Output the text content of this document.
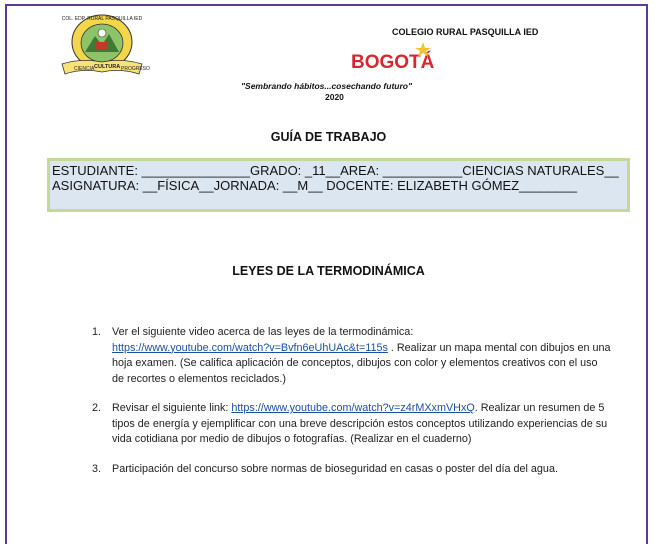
COL. EDP. RURAL PASQUILLA IED
CIENCIA CULTURA PROGRESO
COLEGIO RURAL PASQUILLA IED
BOGOTÁ
"Sembrando hábitos...cosechando futuro"
2020
GUÍA DE TRABAJO
ESTUDIANTE: _______________GRADO: _11__AREA: ___________CIENCIAS NATURALES__
ASIGNATURA: __FÍSICA__JORNADA: __M__ DOCENTE: ELIZABETH GÓMEZ________
LEYES DE LA TERMODINÁMICA
1. Ver el siguiente video acerca de las leyes de la termodinámica:
https://www.youtube.com/watch?v=Bvfn6eUhUAc&t=115s . Realizar un mapa mental con dibujos en una hoja examen. (Se califica aplicación de conceptos, dibujos con color y elementos creativos con el uso de recortes o elementos reciclados.)
2. Revisar el siguiente link: https://www.youtube.com/watch?v=z4rMXxmVHxQ. Realizar un resumen de 5 tipos de energía y ejemplificar con una breve descripción estos conceptos utilizando experiencias de su vida cotidiana por medio de dibujos o fotografías. (Realizar en el cuaderno)
3. Participación del concurso sobre normas de bioseguridad en casas o poster del día del agua.
